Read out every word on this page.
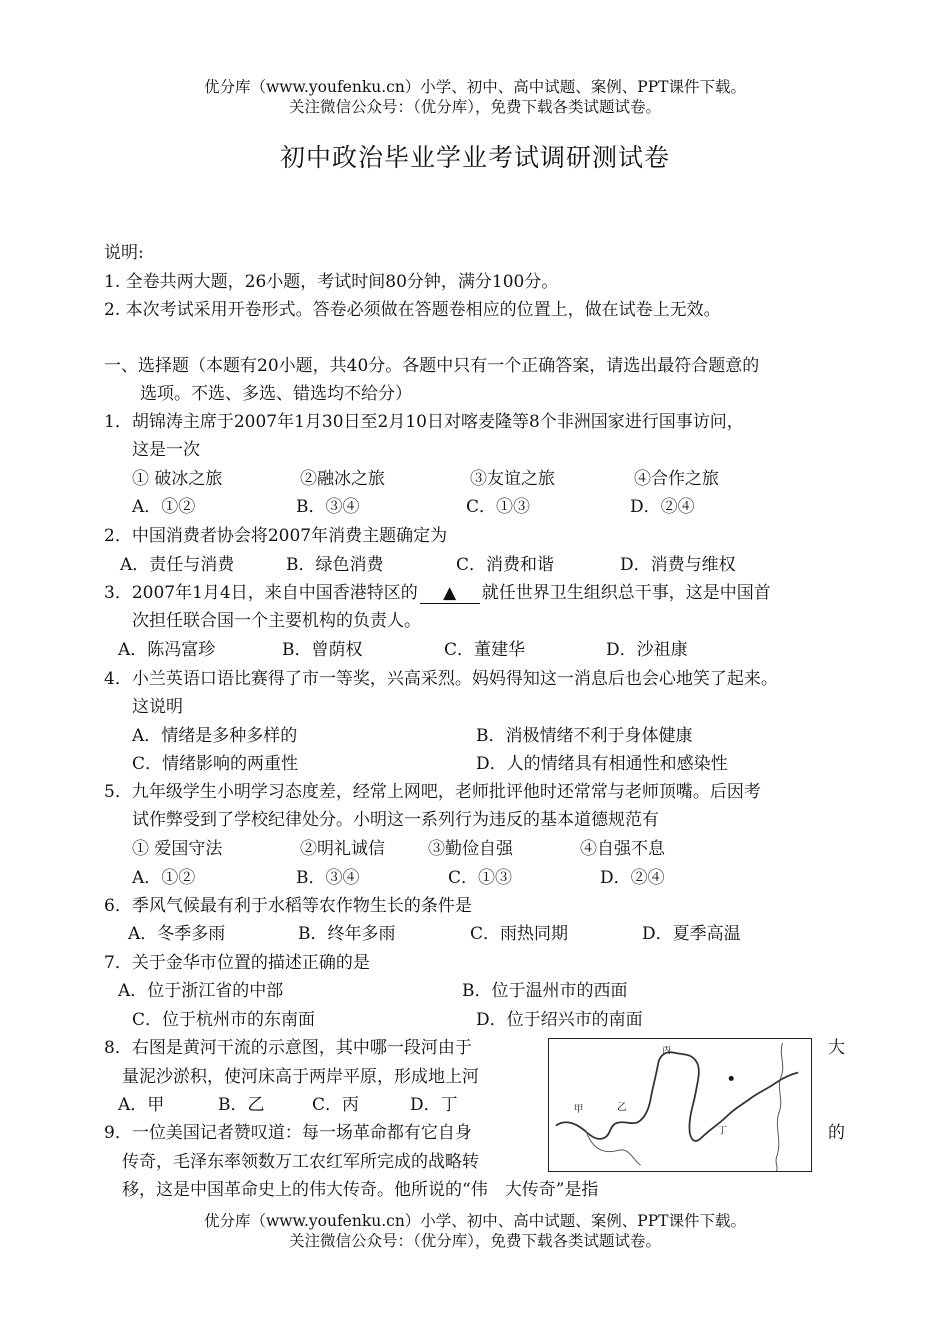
优分库（www.youfenku.cn）小学、初中、高中试题、案例、PPT课件下载。
关注微信公众号：（优分库），免费下载各类试题试卷。
初中政治毕业学业考试调研测试卷
说明:
1. 全卷共两大题，26小题，考试时间80分钟，满分100分。
2. 本次考试采用开卷形式。答卷必须做在答题卷相应的位置上，做在试卷上无效。
一、选择题（本题有20小题，共40分。各题中只有一个正确答案，请选出最符合题意的
选项。不选、多选、错选均不给分）
1．胡锦涛主席于2007年1月30日至2月10日对喀麦隆等8个非洲国家进行国事访问，
这是一次
① 破冰之旅	②融冰之旅	③友谊之旅	④合作之旅
A．①②	B．③④	C．①③	D．②④
2．中国消费者协会将2007年消费主题确定为
A．责任与消费	B．绿色消费	C．消费和谐	D．消费与维权
3．2007年1月4日，来自中国香港特区的 ▲ 就任世界卫生组织总干事，这是中国首
次担任联合国一个主要机构的负责人。
A．陈冯富珍	B．曾荫权	C．董建华	D．沙祖康
4．小兰英语口语比赛得了市一等奖，兴高采烈。妈妈得知这一消息后也会心地笑了起来。
这说明
A．情绪是多种多样的	B．消极情绪不利于身体健康
C．情绪影响的两重性	D．人的情绪具有相通性和感染性
5．九年级学生小明学习态度差，经常上网吧，老师批评他时还常常与老师顶嘴。后因考
试作弊受到了学校纪律处分。小明这一系列行为违反的基本道德规范有
① 爱国守法	②明礼诚信	③勤俭自强	④自强不息
A．①②	B．③④	C．①③	D．②④
6．季风气候最有利于水稻等农作物生长的条件是
A．冬季多雨	B．终年多雨	C．雨热同期	D．夏季高温
7．关于金华市位置的描述正确的是
A．位于浙江省的中部	B．位于温州市的西面
C．位于杭州市的东南面	D．位于绍兴市的南面
8．右图是黄河干流的示意图，其中哪一段河由于	大
量泥沙淤积，使河床高于两岸平原，形成地上河
A．甲	B．乙	C．丙	D．丁
9．一位美国记者赞叹道：每一场革命都有它自身	的
传奇，毛泽东率领数万工农红军所完成的战略转
移，这是中国革命史上的伟大传奇。他所说的“伟　大传奇”是指
甲	乙
丙
丁
优分库（www.youfenku.cn）小学、初中、高中试题、案例、PPT课件下载。
关注微信公众号：（优分库），免费下载各类试题试卷。
